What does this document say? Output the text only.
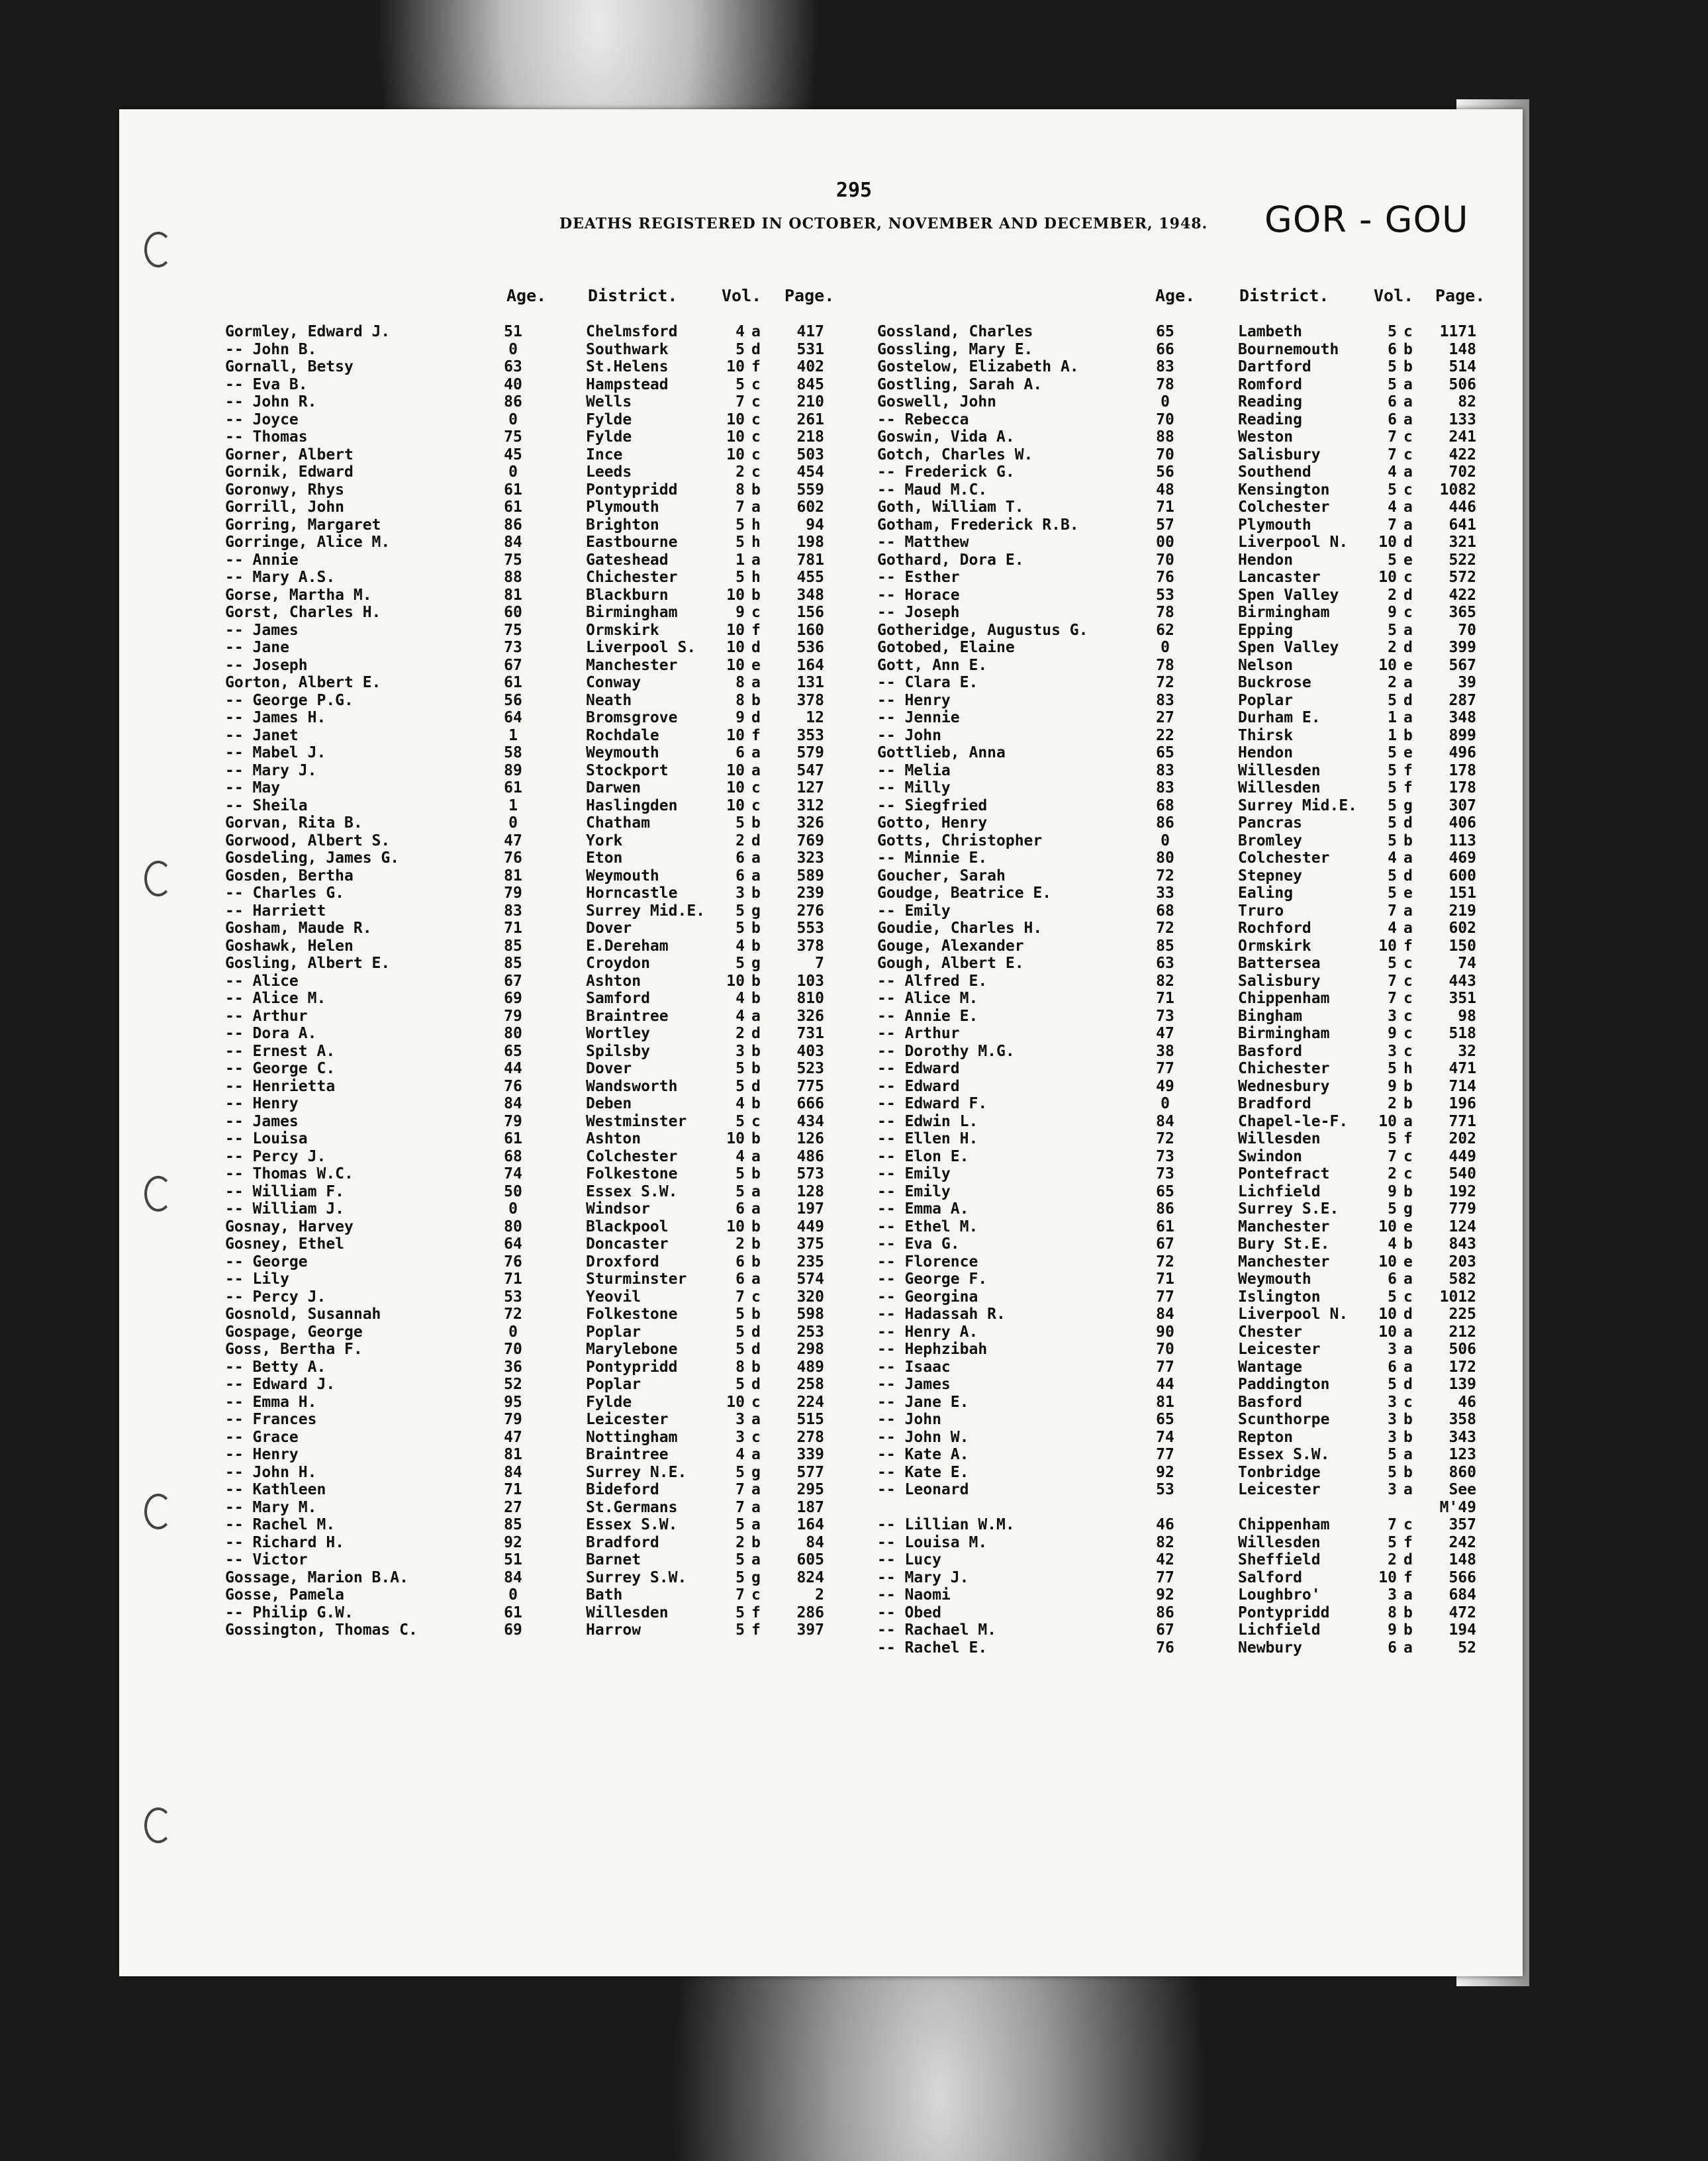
295
DEATHS REGISTERED IN OCTOBER, NOVEMBER AND DECEMBER, 1948. GOR - GOU
Age.	District.	Vol. Page.	Age.	District.	Vol. Page.
Gormley, Edward J.	51	Chelmsford	4 a	417
-- John B.	0	Southwark	5 d	531
Gornall, Betsy	63	St.Helens	10 f	402
-- Eva B.	40	Hampstead	5 c	845
-- John R.	86	Wells	7 c	210
-- Joyce	0	Fylde	10 c	261
-- Thomas	75	Fylde	10 c	218
Gorner, Albert	45	Ince	10 c	503
Gornik, Edward	0	Leeds	2 c	454
Goronwy, Rhys	61	Pontypridd	8 b	559
Gorrill, John	61	Plymouth	7 a	602
Gorring, Margaret	86	Brighton	5 h	94
Gorringe, Alice M.	84	Eastbourne	5 h	198
-- Annie	75	Gateshead	1 a	781
-- Mary A.S.	88	Chichester	5 h	455
Gorse, Martha M.	81	Blackburn	10 b	348
Gorst, Charles H.	60	Birmingham	9 c	156
-- James	75	Ormskirk	10 f	160
-- Jane	73	Liverpool S.	10 d	536
-- Joseph	67	Manchester	10 e	164
Gorton, Albert E.	61	Conway	8 a	131
-- George P.G.	56	Neath	8 b	378
-- James H.	64	Bromsgrove	9 d	12
-- Janet	1	Rochdale	10 f	353
-- Mabel J.	58	Weymouth	6 a	579
-- Mary J.	89	Stockport	10 a	547
-- May	61	Darwen	10 c	127
-- Sheila	1	Haslingden	10 c	312
Gorvan, Rita B.	0	Chatham	5 b	326
Gorwood, Albert S.	47	York	2 d	769
Gosdeling, James G.	76	Eton	6 a	323
Gosden, Bertha	81	Weymouth	6 a	589
-- Charles G.	79	Horncastle	3 b	239
-- Harriett	83	Surrey Mid.E.	5 g	276
Gosham, Maude R.	71	Dover	5 b	553
Goshawk, Helen	85	E.Dereham	4 b	378
Gosling, Albert E.	85	Croydon	5 g	7
-- Alice	67	Ashton	10 b	103
-- Alice M.	69	Samford	4 b	810
-- Arthur	79	Braintree	4 a	326
-- Dora A.	80	Wortley	2 d	731
-- Ernest A.	65	Spilsby	3 b	403
-- George C.	44	Dover	5 b	523
-- Henrietta	76	Wandsworth	5 d	775
-- Henry	84	Deben	4 b	666
-- James	79	Westminster	5 c	434
-- Louisa	61	Ashton	10 b	126
-- Percy J.	68	Colchester	4 a	486
-- Thomas W.C.	74	Folkestone	5 b	573
-- William F.	50	Essex S.W.	5 a	128
-- William J.	0	Windsor	6 a	197
Gosnay, Harvey	80	Blackpool	10 b	449
Gosney, Ethel	64	Doncaster	2 b	375
-- George	76	Droxford	6 b	235
-- Lily	71	Sturminster	6 a	574
-- Percy J.	53	Yeovil	7 c	320
Gosnold, Susannah	72	Folkestone	5 b	598
Gospage, George	0	Poplar	5 d	253
Goss, Bertha F.	70	Marylebone	5 d	298
-- Betty A.	36	Pontypridd	8 b	489
-- Edward J.	52	Poplar	5 d	258
-- Emma H.	95	Fylde	10 c	224
-- Frances	79	Leicester	3 a	515
-- Grace	47	Nottingham	3 c	278
-- Henry	81	Braintree	4 a	339
-- John H.	84	Surrey N.E.	5 g	577
-- Kathleen	71	Bideford	7 a	295
-- Mary M.	27	St.Germans	7 a	187
-- Rachel M.	85	Essex S.W.	5 a	164
-- Richard H.	92	Bradford	2 b	84
-- Victor	51	Barnet	5 a	605
Gossage, Marion B.A.	84	Surrey S.W.	5 g	824
Gosse, Pamela	0	Bath	7 c	2
-- Philip G.W.	61	Willesden	5 f	286
Gossington, Thomas C.	69	Harrow	5 f	397
Gossland, Charles	65	Lambeth	5 c	1171
Gossling, Mary E.	66	Bournemouth	6 b	148
Gostelow, Elizabeth A.	83	Dartford	5 b	514
Gostling, Sarah A.	78	Romford	5 a	506
Goswell, John	0	Reading	6 a	82
-- Rebecca	70	Reading	6 a	133
Goswin, Vida A.	88	Weston	7 c	241
Gotch, Charles W.	70	Salisbury	7 c	422
-- Frederick G.	56	Southend	4 a	702
-- Maud M.C.	48	Kensington	5 c	1082
Goth, William T.	71	Colchester	4 a	446
Gotham, Frederick R.B.	57	Plymouth	7 a	641
-- Matthew	00	Liverpool N.	10 d	321
Gothard, Dora E.	70	Hendon	5 e	522
-- Esther	76	Lancaster	10 c	572
-- Horace	53	Spen Valley	2 d	422
-- Joseph	78	Birmingham	9 c	365
Gotheridge, Augustus G.	62	Epping	5 a	70
Gotobed, Elaine	0	Spen Valley	2 d	399
Gott, Ann E.	78	Nelson	10 e	567
-- Clara E.	72	Buckrose	2 a	39
-- Henry	83	Poplar	5 d	287
-- Jennie	27	Durham E.	1 a	348
-- John	22	Thirsk	1 b	899
Gottlieb, Anna	65	Hendon	5 e	496
-- Melia	83	Willesden	5 f	178
-- Milly	83	Willesden	5 f	178
-- Siegfried	68	Surrey Mid.E.	5 g	307
Gotto, Henry	86	Pancras	5 d	406
Gotts, Christopher	0	Bromley	5 b	113
-- Minnie E.	80	Colchester	4 a	469
Goucher, Sarah	72	Stepney	5 d	600
Goudge, Beatrice E.	33	Ealing	5 e	151
-- Emily	68	Truro	7 a	219
Goudie, Charles H.	72	Rochford	4 a	602
Gouge, Alexander	85	Ormskirk	10 f	150
Gough, Albert E.	63	Battersea	5 c	74
-- Alfred E.	82	Salisbury	7 c	443
-- Alice M.	71	Chippenham	7 c	351
-- Annie E.	73	Bingham	3 c	98
-- Arthur	47	Birmingham	9 c	518
-- Dorothy M.G.	38	Basford	3 c	32
-- Edward	77	Chichester	5 h	471
-- Edward	49	Wednesbury	9 b	714
-- Edward F.	0	Bradford	2 b	196
-- Edwin L.	84	Chapel-le-F.	10 a	771
-- Ellen H.	72	Willesden	5 f	202
-- Elon E.	73	Swindon	7 c	449
-- Emily	73	Pontefract	2 c	540
-- Emily	65	Lichfield	9 b	192
-- Emma A.	86	Surrey S.E.	5 g	779
-- Ethel M.	61	Manchester	10 e	124
-- Eva G.	67	Bury St.E.	4 b	843
-- Florence	72	Manchester	10 e	203
-- George F.	71	Weymouth	6 a	582
-- Georgina	77	Islington	5 c	1012
-- Hadassah R.	84	Liverpool N.	10 d	225
-- Henry A.	90	Chester	10 a	212
-- Hephzibah	70	Leicester	3 a	506
-- Isaac	77	Wantage	6 a	172
-- James	44	Paddington	5 d	139
-- Jane E.	81	Basford	3 c	46
-- John	65	Scunthorpe	3 b	358
-- John W.	74	Repton	3 b	343
-- Kate A.	77	Essex S.W.	5 a	123
-- Kate E.	92	Tonbridge	5 b	860
-- Leonard	53	Leicester	3 a	See
M'49
-- Lillian W.M.	46	Chippenham	7 c	357
-- Louisa M.	82	Willesden	5 f	242
-- Lucy	42	Sheffield	2 d	148
-- Mary J.	77	Salford	10 f	566
-- Naomi	92	Loughbro'	3 a	684
-- Obed	86	Pontypridd	8 b	472
-- Rachael M.	67	Lichfield	9 b	194
-- Rachel E.	76	Newbury	6 a	52
